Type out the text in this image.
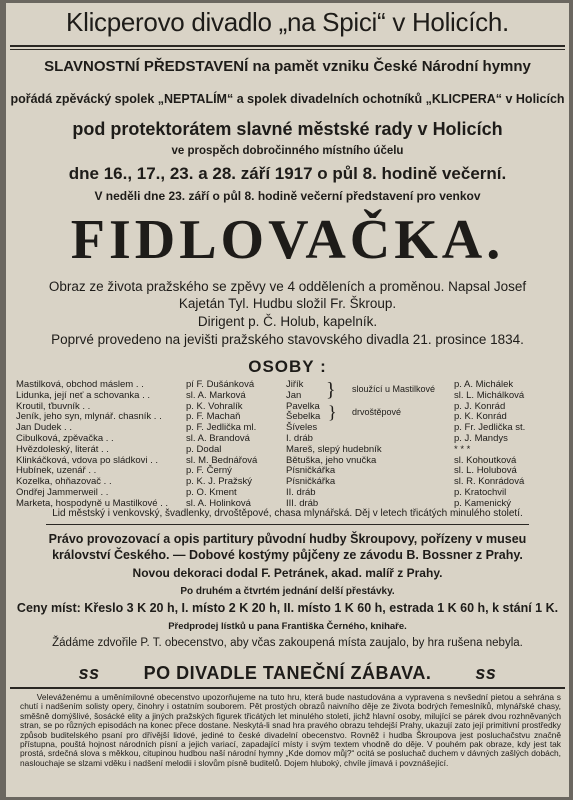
Klicperovo divadlo „na Spici“ v Holicích.
SLAVNOSTNÍ PŘEDSTAVENÍ na pamět vzniku České Národní hymny
pořádá zpěvácký spolek „NEPTALÍM“ a spolek divadelních ochotníků „KLICPERA“ v Holicích
pod protektorátem slavné městské rady v Holicích
ve prospěch dobročinného místního účelu
dne 16., 17., 23. a 28. září 1917 o půl 8. hodině večerní.
V neděli dne 23. září o půl 8. hodině večerní představení pro venkov
FIDLOVAČKA.
Obraz ze života pražského se zpěvy ve 4 odděleních a proměnou. Napsal Josef
Kajetán Tyl. Hudbu složil Fr. Škroup.
Dirigent p. Č. Holub, kapelník.
Poprvé provedeno na jevišti pražského stavovského divadla 21. prosince 1834.
OSOBY :
Mastilková, obchod máslem . .	pí F. Dušánková	Jiřík	p. A. Michálek
Lidunka, její neť a schovanka . .	sl. A. Marková	Jan	sl. L. Michálková
Kroutil, ťbuvník . .	p. K. Vohralík	Pavelka	p. J. Konrád
Jeník, jeho syn, mlynář. chasník . .	p. F. Machaň	Šebelka	p. K. Konrád
Jan Dudek . .	p. F. Jedlička ml.	Šíveles	p. Fr. Jedlička st.
Cibulková, zpěvačka . .	sl. A. Brandová	I. dráb	p. J. Mandys
Hvězdoleský, literát . .	p. Dodal	Mareš, slepý hudebník	* * *
Klinkáčková, vdova po sládkovi . .	sl. M. Bednářová	Bětuška, jeho vnučka	sl. Kohoutková
Hubínek, uzenář . .	p. F. Černý	Písničkářka	sl. L. Holubová
Kozelka, ohňazovač . .	p. K. J. Pražský	Písničkářka	sl. R. Konrádová
Ondřej Jammerweil . .	p. O. Kment	II. dráb	p. Kratochvil
Marketa, hospodyně u Mastilkové . . sl. A. Holinková	III. dráb	p. Kamenický
sloužící u Mastilkové
drvoštěpové
}
}
Lid městský i venkovský, švadlenky, drvoštěpové, chasa mlynářská. Děj v letech třicátých minulého století.
Právo provozovací a opis partitury původní hudby Škroupovy, pořízeny v museu
království Českého. — Dobové kostýmy půjčeny ze závodu B. Bossner z Prahy.
Novou dekoraci dodal F. Petránek, akad. malíř z Prahy.
Po druhém a čtvrtém jednání delší přestávky.
Ceny míst: Křeslo 3 K 20 h, I. místo 2 K 20 h, II. místo 1 K 60 h, estrada 1 K 60 h, k stání 1 K.
Předprodej lístků u pana Františka Černého, knihaře.
Žádáme zdvořile P. T. obecenstvo, aby včas zakoupená místa zaujalo, by hra rušena nebyla.
ss PO DIVADLE TANEČNÍ ZÁBAVA. ss
Veleváženému a uměnímilovné obecenstvo upozorňujeme na tuto hru, která bude nastudována a vypravena s nevšední pietou a sehrána s chutí i nadšením solisty opery, činohry i ostatním souborem. Pět prostých obrazů naivního děje ze života bodrých řemeslníků, mlynářské chasy, směšně domýšlivé, šosácké elity a jiných pražských figurek třicátých let minulého století, jichž hlavní osoby, milující se párek dvou rozhněvaných stran, se po různých episodách na konec přece dostane. Neskytá-li snad hra pravého obrazu tehdejší Prahy, ukazují zato její primitivní prostředky způsob buditelského psaní pro dřívější lidové, jediné to české divadelní obecenstvo. Rovněž i hudba Škroupova jest posluchačstvu značně přístupna, pouštá hojnost národních písní a jejich variací, zapadající místy i svým textem vhodně do děje. V pouhém pak obraze, kdy jest tak prostá, srdečná slova s měkkou, citupinou hudbou naší národní hymny „Kde domov můj?“ ocitá se posluchač duchem v dávných zašlých dobách, naslouchaje se slzami vděku i nadšení melodii i slovům písně buditelů. Dojem hluboký, chvíle jímavá i povznášející.
